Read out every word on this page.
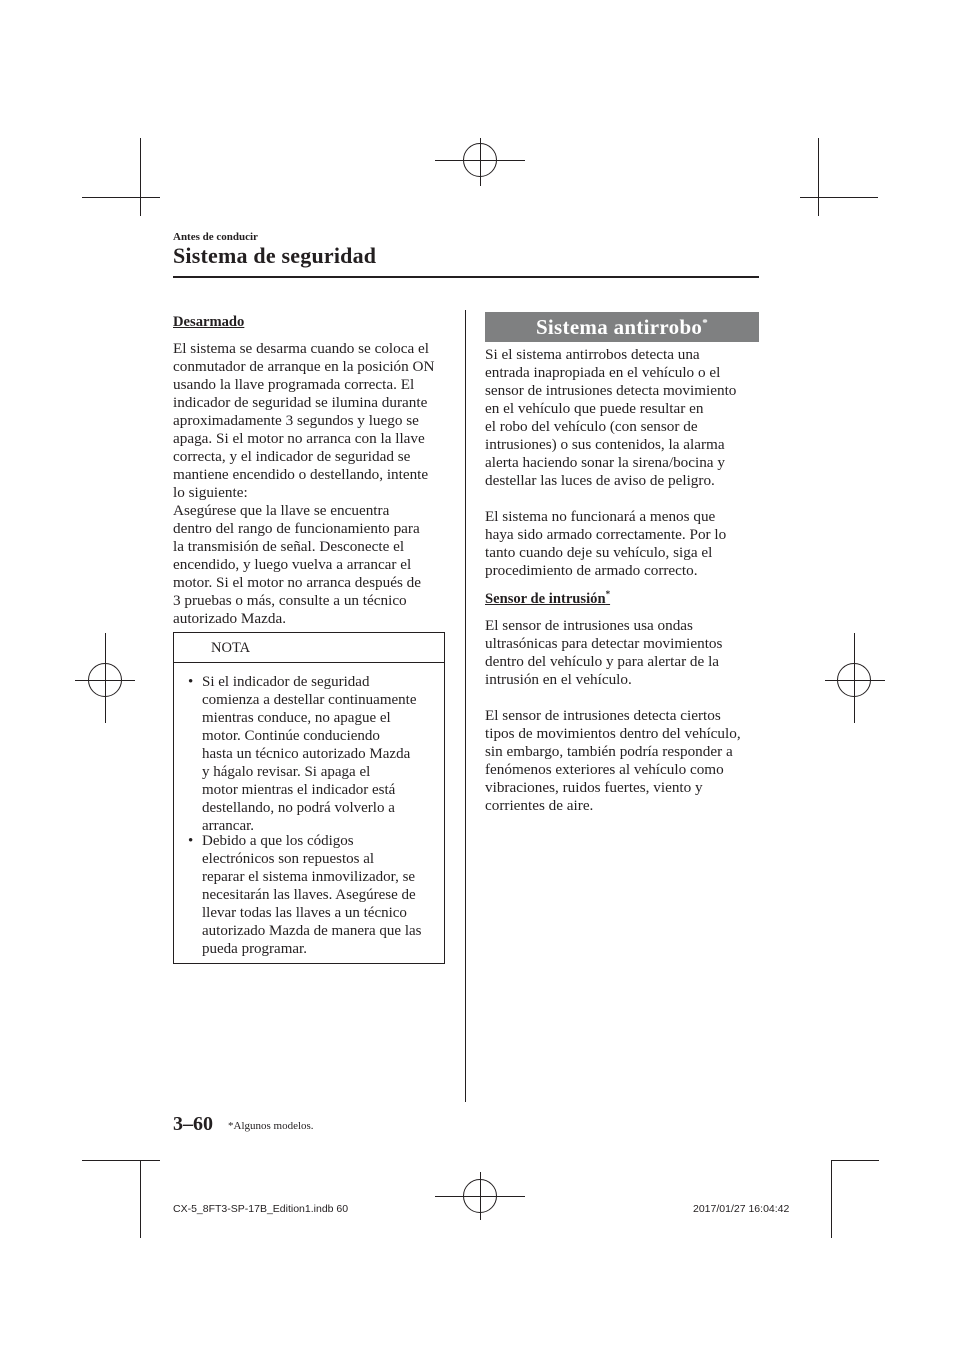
Antes de conducir
Sistema de seguridad

Desarmado

El sistema se desarma cuando se coloca el

conmutador de arranque en la posición ON

usando la llave programada correcta. El

indicador de seguridad se ilumina durante

aproximadamente 3 segundos y luego se

apaga. Si el motor no arranca con la llave

correcta, y el indicador de seguridad se

mantiene encendido o destellando, intente

lo siguiente:

Asegúrese que la llave se encuentra

dentro del rango de funcionamiento para

la transmisión de señal. Desconecte el

encendido, y luego vuelva a arrancar el

motor. Si el motor no arranca después de

3 pruebas o más, consulte a un técnico

autorizado Mazda.

NOTA
• Si el indicador de seguridad

comienza a destellar continuamente

mientras conduce, no apague el

motor. Continúe conduciendo

hasta un técnico autorizado Mazda

y hágalo revisar. Si apaga el

motor mientras el indicador está

destellando, no podrá volverlo a

arrancar.

• Debido a que los códigos

electrónicos son repuestos al

reparar el sistema inmovilizador, se

necesitarán las llaves. Asegúrese de

llevar todas las llaves a un técnico

autorizado Mazda de manera que las

pueda programar.

Sistema antirrobo*

Si el sistema antirrobos detecta una

entrada inapropiada en el vehículo o el

sensor de intrusiones detecta movimiento

en el vehículo que puede resultar en

el robo del vehículo (con sensor de

intrusiones) o sus contenidos, la alarma

alerta haciendo sonar la sirena/bocina y

destellar las luces de aviso de peligro.

El sistema no funcionará a menos que

haya sido armado correctamente. Por lo

tanto cuando deje su vehículo, siga el

procedimiento de armado correcto.

Sensor de intrusión*

El sensor de intrusiones usa ondas

ultrasónicas para detectar movimientos

dentro del vehículo y para alertar de la

intrusión en el vehículo.

El sensor de intrusiones detecta ciertos

tipos de movimientos dentro del vehículo,

sin embargo, también podría responder a

fenómenos exteriores al vehículo como

vibraciones, ruidos fuertes, viento y

corrientes de aire.

3–60 *Algunos modelos.
CX-5_8FT3-SP-17B_Edition1.indb 60	2017/01/27 16:04:42
